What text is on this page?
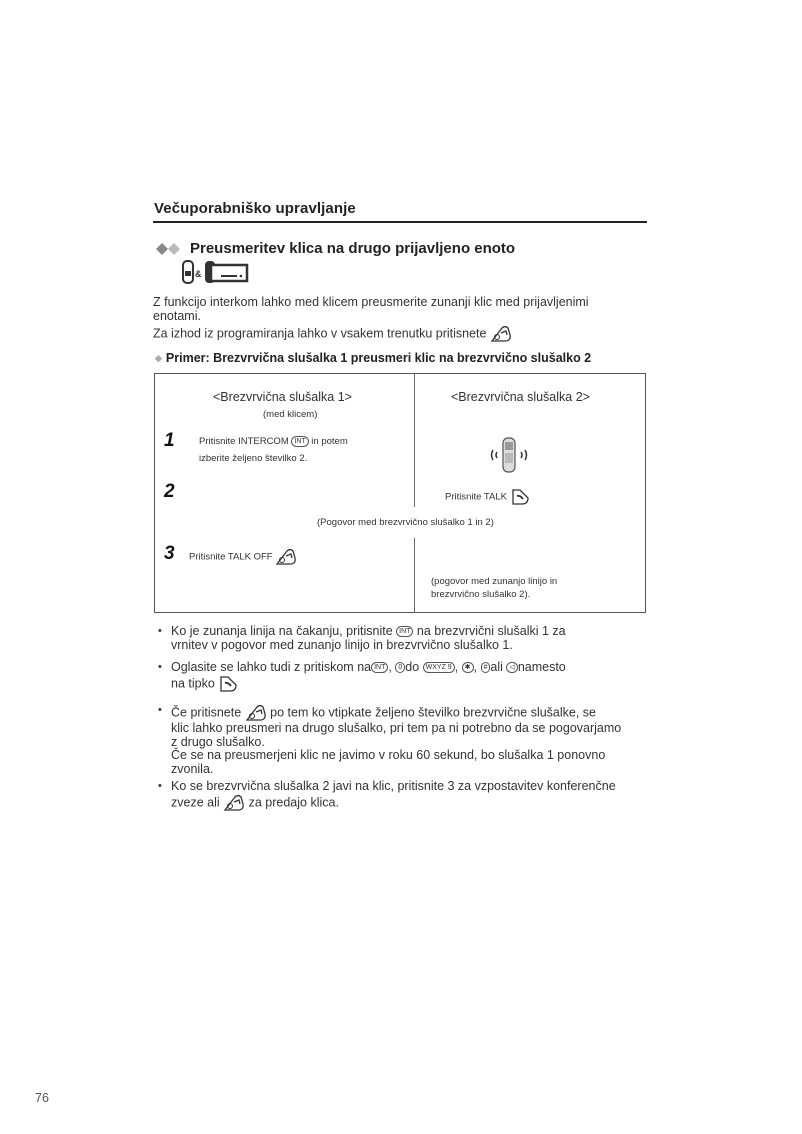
Večuporabniško upravljanje
Preusmeritev klica na drugo prijavljeno enoto
&
Z funkcijo interkom lahko med klicem preusmerite zunanji klic med prijavljenimi
enotami.
Za izhod iz programiranja lahko v vsakem trenutku pritisnete
◆ Primer: Brezvrvična slušalka 1 preusmeri klic na brezvrvično slušalko 2
<Brezvrvična slušalka 1>
(med klicem)
<Brezvrvična slušalka 2>
1	Pritisnite INTERCOM INT in potem
izberite željeno številko 2.
2	Pritisnite TALK
(Pogovor med brezvrvično slušalko 1 in 2)
3 Pritisnite TALK OFF
(pogovor med zunanjo linijo in
brezvrvično slušalko 2).
• Ko je zunanja linija na čakanju, pritisnite INT na brezvrvični slušalki 1 za
vrnitev v pogovor med zunanjo linijo in brezvrvično slušalko 1.
• Oglasite se lahko tudi z pritiskom na INT , 0 do WXYZ 9 , ✱ , # ali ◁ namesto
na tipko
• Če pritisnete po tem ko vtipkate željeno številko brezvrvične slušalke, se
klic lahko preusmeri na drugo slušalko, pri tem pa ni potrebno da se pogovarjamo
z drugo slušalko.
Če se na preusmerjeni klic ne javimo v roku 60 sekund, bo slušalka 1 ponovno
zvonila.
• Ko se brezvrvična slušalka 2 javi na klic, pritisnite 3 za vzpostavitev konferenčne
zveze ali za predajo klica.
76
